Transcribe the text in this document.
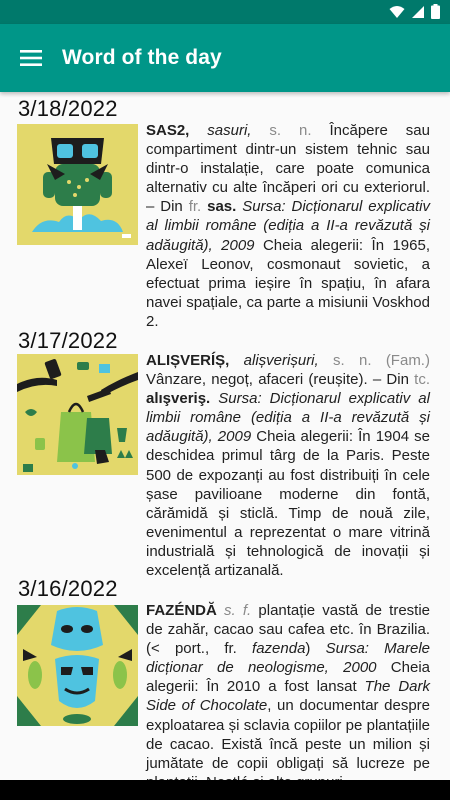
Word of the day
3/18/2022
SAS2, sasuri, s. n. Încăpere sau compartiment dintr-un sistem tehnic sau dintr-o instalație, care poate comunica alternativ cu alte încăperi ori cu exteriorul. – Din fr. sas. Sursa: Dicționarul explicativ al limbii române (ediția a II-a revăzută și adăugită), 2009 Cheia alegerii: În 1965, Alexeï Leonov, cosmonaut sovietic, a efectuat prima ieșire în spațiu, în afara navei spațiale, ca parte a misiunii Voskhod 2.
3/17/2022
ALIȘVERÍȘ, alișverișuri, s. n. (Fam.) Vânzare, negoț, afaceri (reușite). – Din tc. alışveriş. Sursa: Dicționarul explicativ al limbii române (ediția a II-a revăzută și adăugită), 2009 Cheia alegerii: În 1904 se deschidea primul târg de la Paris. Peste 500 de expozanți au fost distribuiți în cele șase pavilioane moderne din fontă, cărămidă și sticlă. Timp de nouă zile, evenimentul a reprezentat o mare vitrină industrială și tehnologică de inovații și excelență artizanală.
3/16/2022
FAZÉNDĂ s. f. plantație vastă de trestie de zahăr, cacao sau cafea etc. în Brazilia. (< port., fr. fazenda) Sursa: Marele dicționar de neologisme, 2000 Cheia alegerii: În 2010 a fost lansat The Dark Side of Chocolate, un documentar despre exploatarea și sclavia copiilor pe plantațiile de cacao. Există încă peste un milion și jumătate de copii obligați să lucreze pe
